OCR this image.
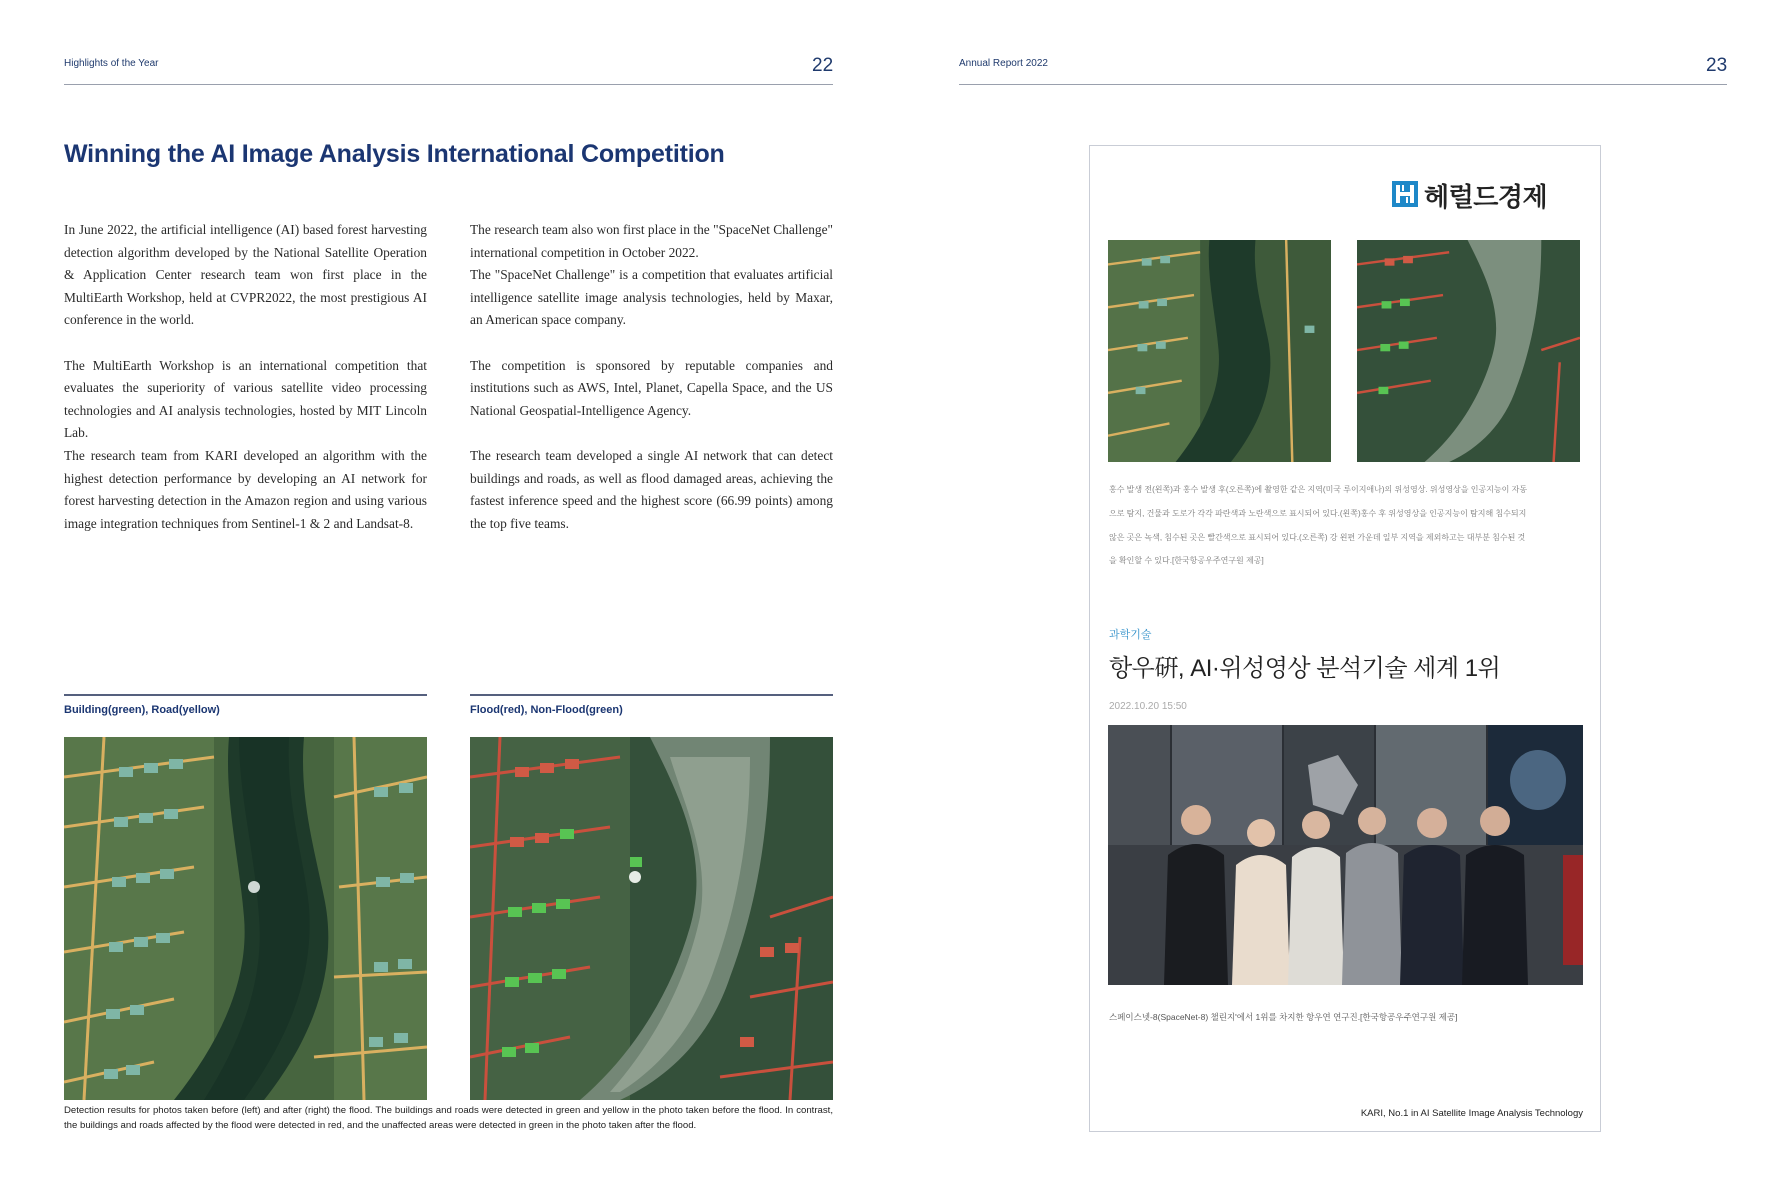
Highlights of the Year	22
Winning the AI Image Analysis International Competition

In June 2022, the artificial intelligence (AI) based forest harvesting detection algorithm developed by the National Satellite Operation & Application Center research team won first place in the MultiEarth Workshop, held at CVPR2022, the most prestigious AI conference in the world.

The MultiEarth Workshop is an international competition that evaluates the superiority of various satellite video processing technologies and AI analysis technologies, hosted by MIT Lincoln Lab.

The research team from KARI developed an algorithm with the highest detection performance by developing an AI network for forest harvesting detection in the Amazon region and using various image integration techniques from Sentinel-1 & 2 and Landsat-8.

The research team also won first place in the "SpaceNet Challenge" international competition in October 2022.

The "SpaceNet Challenge" is a competition that evaluates artificial intelligence satellite image analysis technologies, held by Maxar, an American space company.

The competition is sponsored by reputable companies and institutions such as AWS, Intel, Planet, Capella Space, and the US National Geospatial-Intelligence Agency.

The research team developed a single AI network that can detect buildings and roads, as well as flood damaged areas, achieving the fastest inference speed and the highest score (66.99 points) among the top five teams.

Building(green), Road(yellow)	Flood(red), Non-Flood(green)
Detection results for photos taken before (left) and after (right) the flood. The buildings and roads were detected in green and yellow in the photo taken before the flood. In contrast, the buildings and roads affected by the flood were detected in red, and the unaffected areas were detected in green in the photo taken after the flood.
Annual Report 2022	23
헤럴드경제
홍수 발생 전(왼쪽)과 홍수 발생 후(오른쪽)에 촬영한 같은 지역(미국 루이지애나)의 위성영상. 위성영상을 인공지능이 자동
으로 탐지, 건물과 도로가 각각 파란색과 노란색으로 표시되어 있다.(왼쪽)홍수 후 위성영상을 인공지능이 탐지해 침수되지
않은 곳은 녹색, 침수된 곳은 빨간색으로 표시되어 있다.(오른쪽) 강 왼편 가운데 일부 지역을 제외하고는 대부분 침수된 것
을 확인할 수 있다.[한국항공우주연구원 제공]
과학기술
항우硏, AI·위성영상 분석기술 세계 1위
2022.10.20 15:50
스페이스넷-8(SpaceNet-8) 챌린지'에서 1위를 차지한 항우연 연구진.[한국항공우주연구원 제공]
KARI, No.1 in AI Satellite Image Analysis Technology
